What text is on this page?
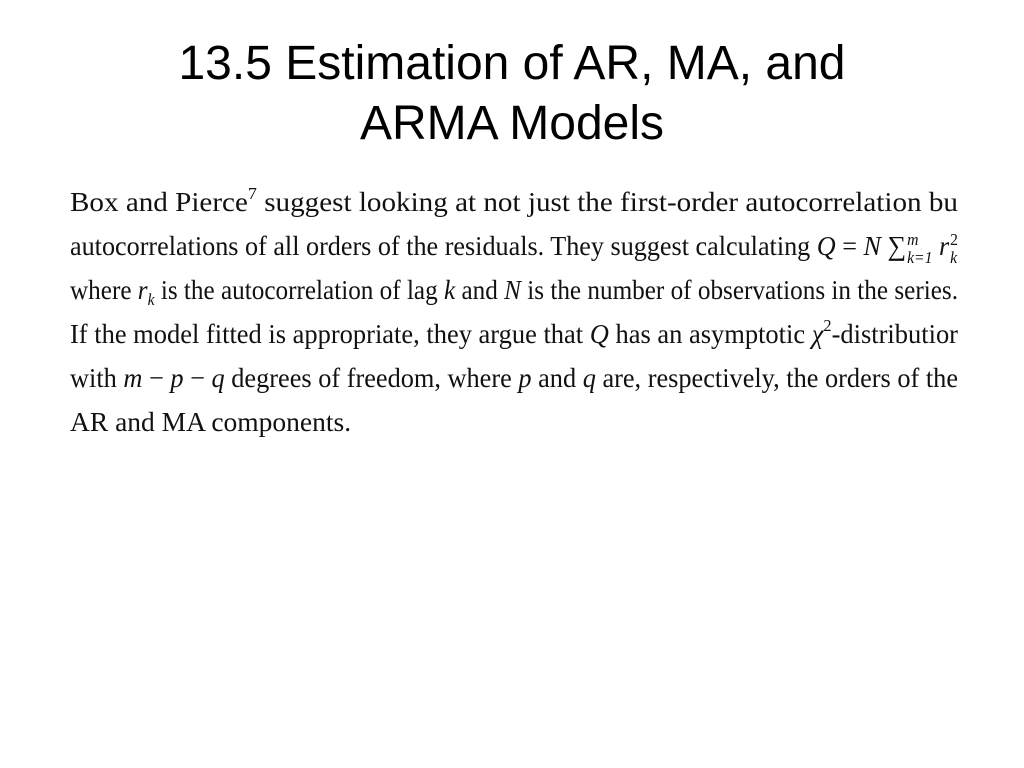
13.5 Estimation of AR, MA, and
ARMA Models
Box and Pierce$^7$ suggest looking at not just the first-order autocorrelation bu
autocorrelations of all orders of the residuals. They suggest calculating Q = N ∑ m
k=1 r 2
k
where $r_k$ is the autocorrelation of lag k and N is the number of observations in the series.
If the model fitted is appropriate, they argue that Q has an asymptotic $\chi^2$-distributior
with m − p − q degrees of freedom, where p and q are, respectively, the orders of the
AR and MA components.
